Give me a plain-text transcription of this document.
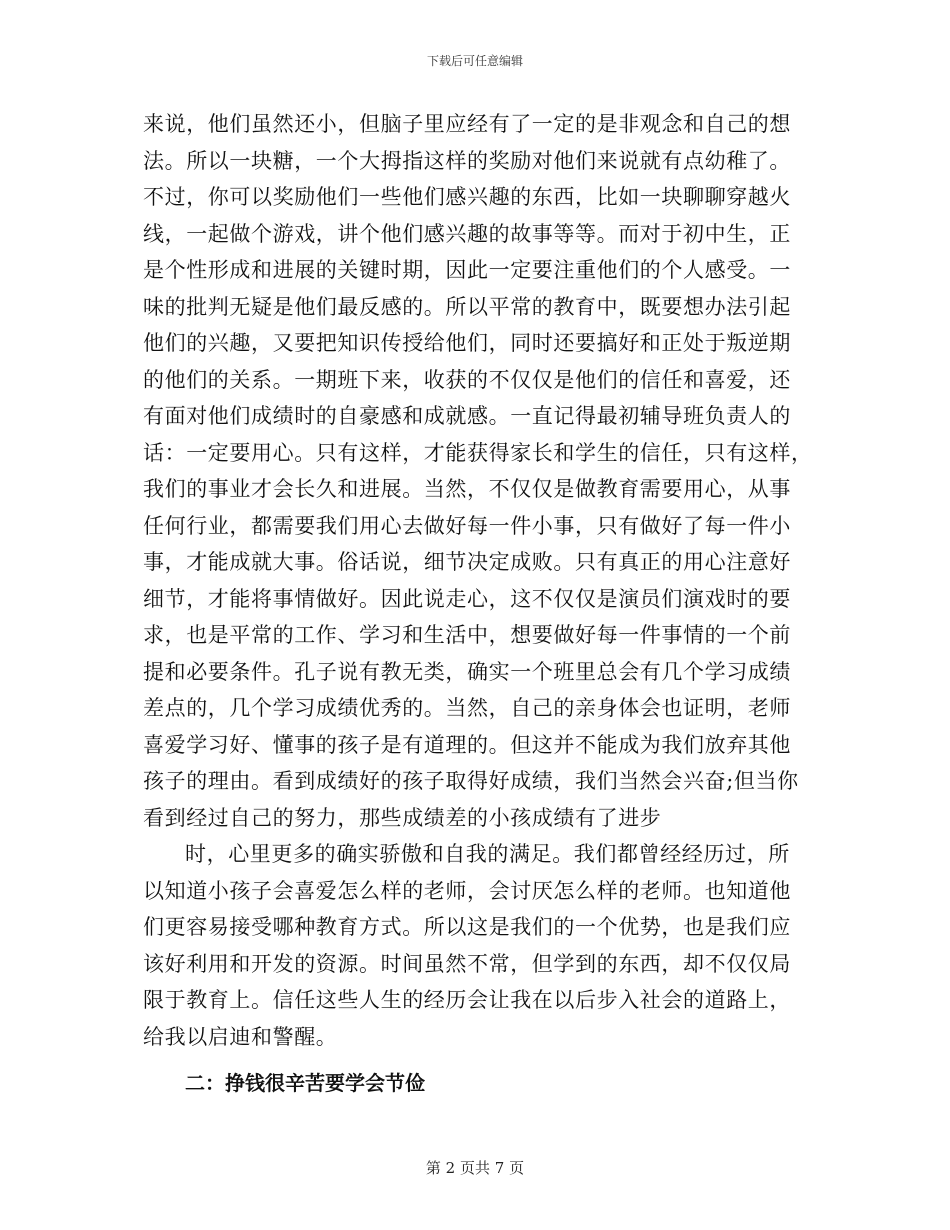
下载后可任意编辑
来说，他们虽然还小，但脑子里应经有了一定的是非观念和自己的想
法。所以一块糖，一个大拇指这样的奖励对他们来说就有点幼稚了。
不过，你可以奖励他们一些他们感兴趣的东西，比如一块聊聊穿越火
线，一起做个游戏，讲个他们感兴趣的故事等等。而对于初中生，正
是个性形成和进展的关键时期，因此一定要注重他们的个人感受。一
味的批判无疑是他们最反感的。所以平常的教育中，既要想办法引起
他们的兴趣，又要把知识传授给他们，同时还要搞好和正处于叛逆期
的他们的关系。一期班下来，收获的不仅仅是他们的信任和喜爱，还
有面对他们成绩时的自豪感和成就感。一直记得最初辅导班负责人的
话：一定要用心。只有这样，才能获得家长和学生的信任，只有这样，
我们的事业才会长久和进展。当然，不仅仅是做教育需要用心，从事
任何行业，都需要我们用心去做好每一件小事，只有做好了每一件小
事，才能成就大事。俗话说，细节决定成败。只有真正的用心注意好
细节，才能将事情做好。因此说走心，这不仅仅是演员们演戏时的要
求，也是平常的工作、学习和生活中，想要做好每一件事情的一个前
提和必要条件。孔子说有教无类，确实一个班里总会有几个学习成绩
差点的，几个学习成绩优秀的。当然，自己的亲身体会也证明，老师
喜爱学习好、懂事的孩子是有道理的。但这并不能成为我们放弃其他
孩子的理由。看到成绩好的孩子取得好成绩，我们当然会兴奋;但当你
看到经过自己的努力，那些成绩差的小孩成绩有了进步
时，心里更多的确实骄傲和自我的满足。我们都曾经经历过，所
以知道小孩子会喜爱怎么样的老师，会讨厌怎么样的老师。也知道他
们更容易接受哪种教育方式。所以这是我们的一个优势，也是我们应
该好利用和开发的资源。时间虽然不常，但学到的东西，却不仅仅局
限于教育上。信任这些人生的经历会让我在以后步入社会的道路上，
给我以启迪和警醒。
二：挣钱很辛苦要学会节俭
第 2 页共 7 页
